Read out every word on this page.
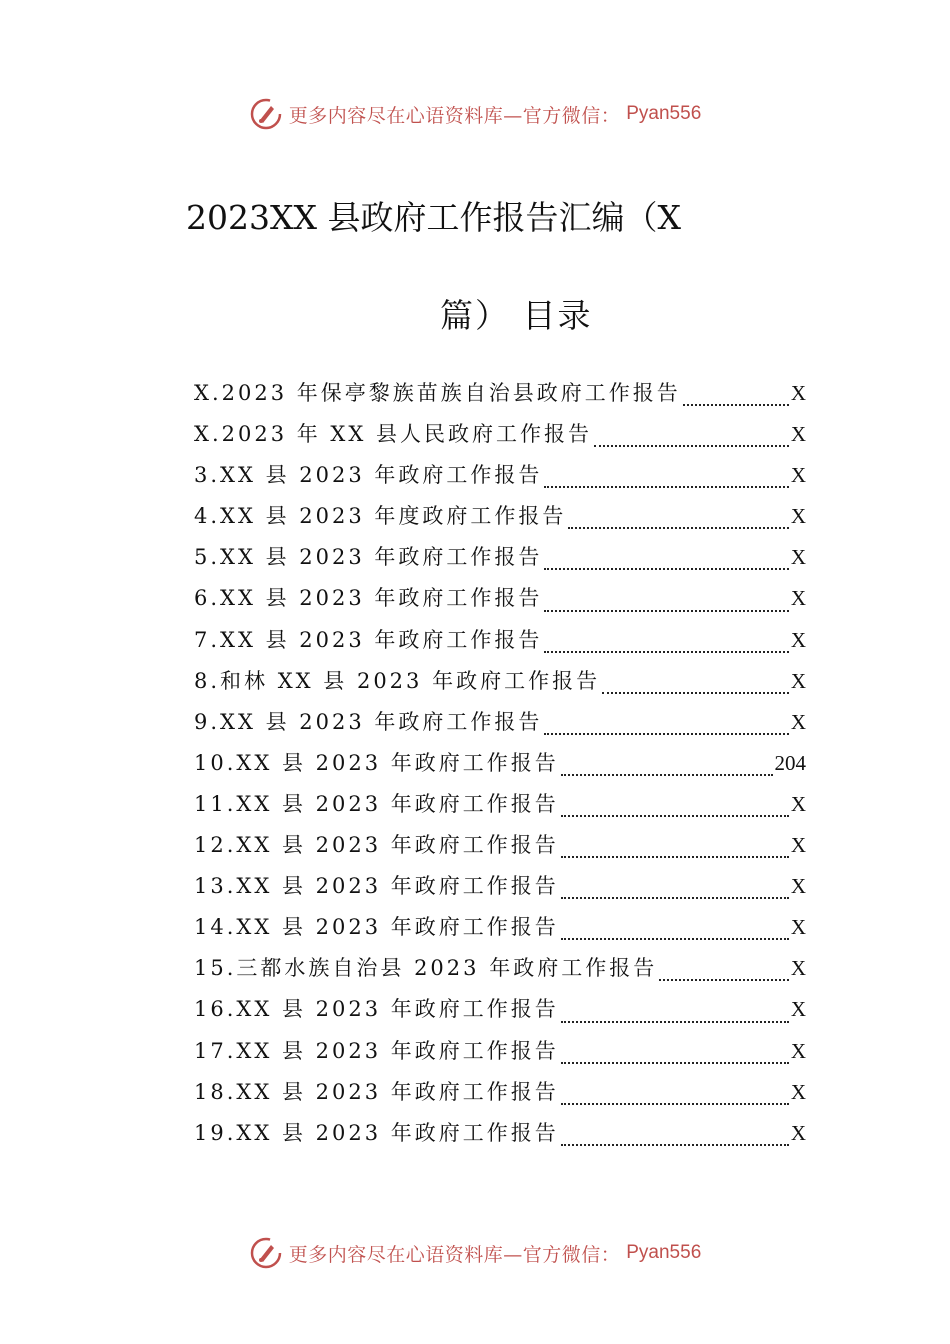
更多内容尽在心语资料库—官方微信： Pyan556
2023XX 县政府工作报告汇编（X
篇） 目录
X.2023 年保亭黎族苗族自治县政府工作报告	X
X.2023 年 XX 县人民政府工作报告	X
3.XX 县 2023 年政府工作报告	X
4.XX 县 2023 年度政府工作报告	X
5.XX 县 2023 年政府工作报告	X
6.XX 县 2023 年政府工作报告	X
7.XX 县 2023 年政府工作报告	X
8.和林 XX 县 2023 年政府工作报告	X
9.XX 县 2023 年政府工作报告	X
10.XX 县 2023 年政府工作报告	204
11.XX 县 2023 年政府工作报告	X
12.XX 县 2023 年政府工作报告	X
13.XX 县 2023 年政府工作报告	X
14.XX 县 2023 年政府工作报告	X
15.三都水族自治县 2023 年政府工作报告	X
16.XX 县 2023 年政府工作报告	X
17.XX 县 2023 年政府工作报告	X
18.XX 县 2023 年政府工作报告	X
19.XX 县 2023 年政府工作报告	X
更多内容尽在心语资料库—官方微信： Pyan556
